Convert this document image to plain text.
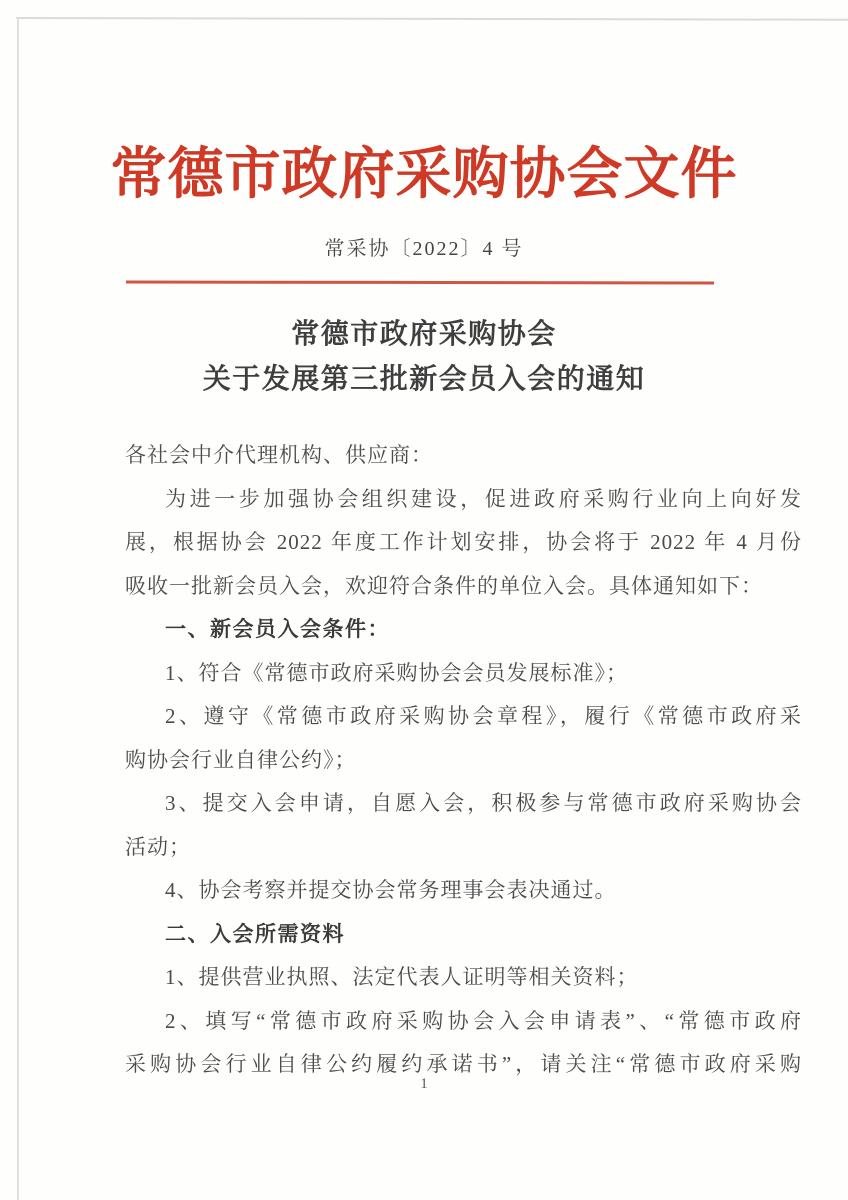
常德市政府采购协会文件
常采协〔2022〕4 号
常德市政府采购协会
关于发展第三批新会员入会的通知
各社会中介代理机构、供应商：
为进一步加强协会组织建设，促进政府采购行业向上向好发
展，根据协会 2022 年度工作计划安排，协会将于 2022 年 4 月份
吸收一批新会员入会，欢迎符合条件的单位入会。具体通知如下：
一、新会员入会条件：
1、符合《常德市政府采购协会会员发展标准》；
2、遵守《常德市政府采购协会章程》，履行《常德市政府采
购协会行业自律公约》；
3、提交入会申请，自愿入会，积极参与常德市政府采购协会
活动；
4、协会考察并提交协会常务理事会表决通过。
二、入会所需资料
1、提供营业执照、法定代表人证明等相关资料；
2、填写“常德市政府采购协会入会申请表”、“常德市政府
采购协会行业自律公约履约承诺书”，请关注“常德市政府采购
1
